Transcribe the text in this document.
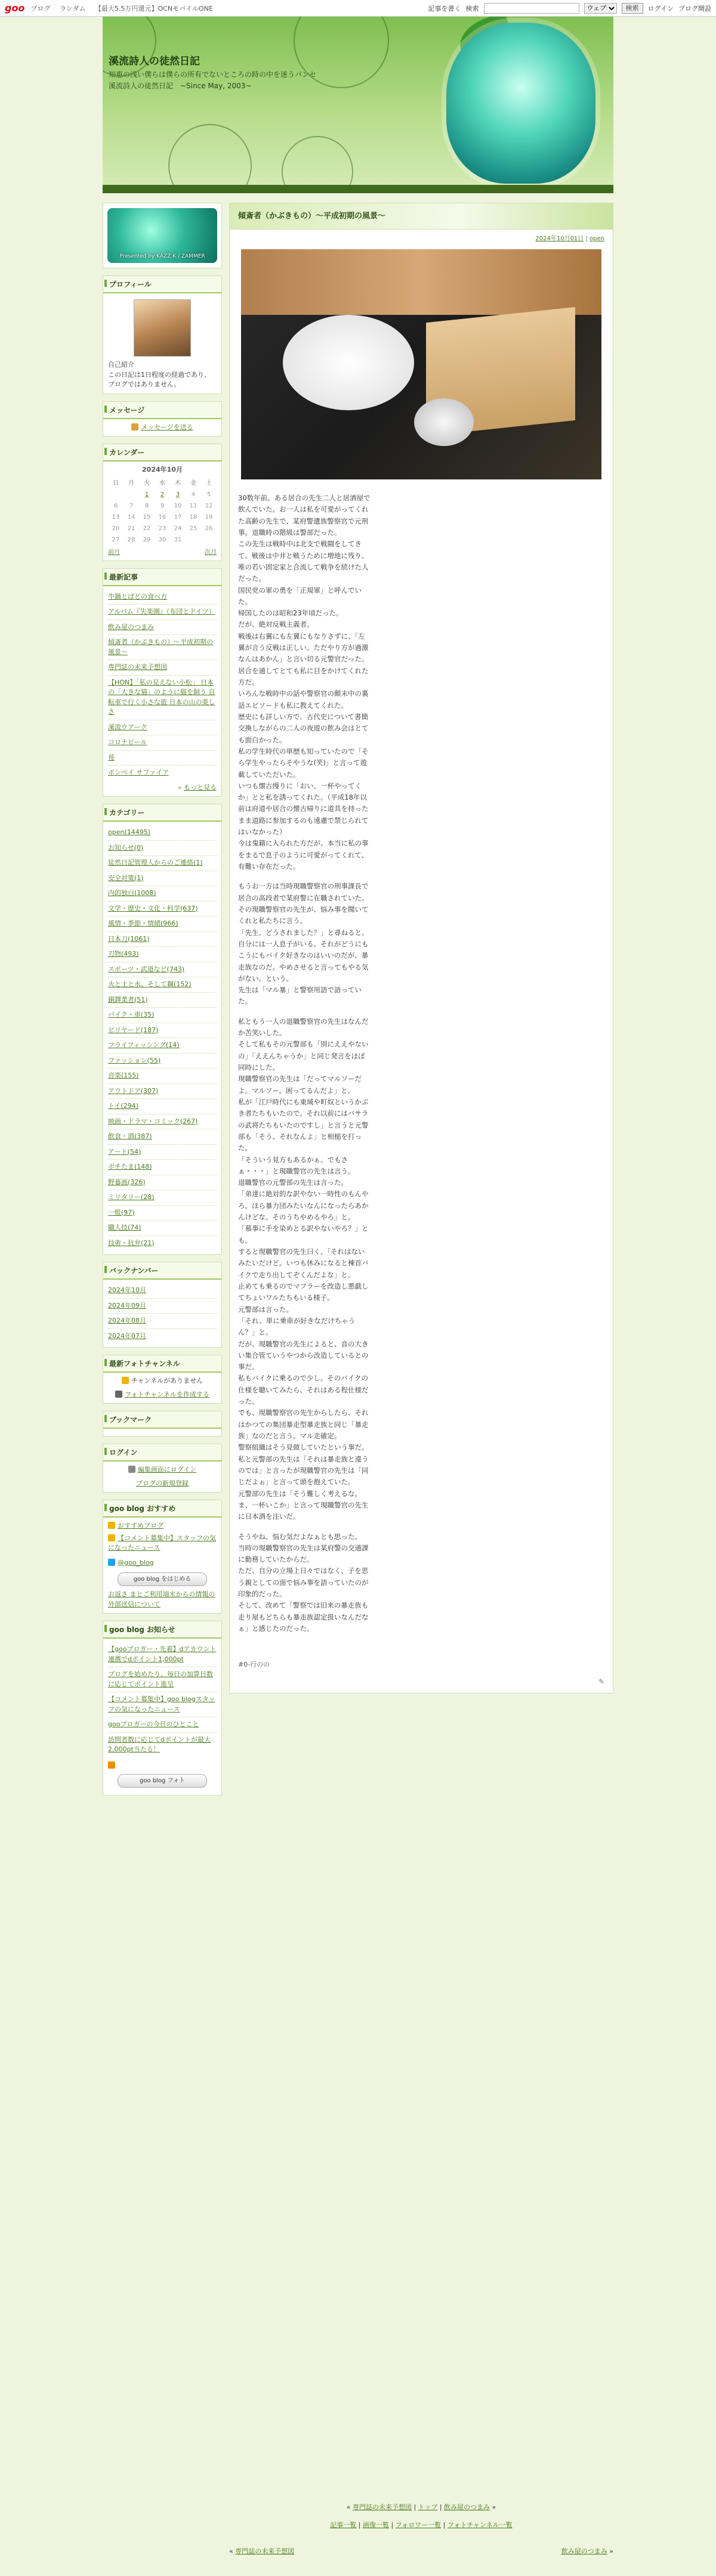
goo ブログ ランダム 【最大5.5万円還元】OCNモバイルONE	記事を書く 検索
ウェブ	検索	ログイン ブログ開設
溪流詩人の徒然日記
知恵の浅い僕らは僕らの所有でないところの時の中を迷うパンセ　溪流詩人の徒然日記　~Since May, 2003~
Presented by KAZZ.K / ZAMMER
プロフィール
自己紹介
この日記は1日程度の経過であり、ブログではありません。
メッセージ
メッセージを送る
カレンダー
2024年10月
日	月	火	水	木	金	土
		1	2	3	4	5
6	7	8	9	10	11	12
13	14	15	16	17	18	19
20	21	22	23	24	25	26
27	28	29	30	31		
前月	次月
最新記事
牛鍋とぱどの食べ方
アルバム『失楽園』（布団とドイツ）
飲み屋のつまみ
傾斎者（かぶきもの）〜平成初期の風景〜
専門誌の未来予想図
【HON】「私の見えない小松」 日本の「大きな猫」のように猫を飼う 自転車で行く小さな旅 日本の山の楽しさ
溪流ウアーク
コロナビール
苺
ボンベイ サファイア
» もっと見る
カテゴリー
open(14495)
お知らせ(0)
徒然日記管理人からのご連絡(1)
安全対策(1)
内的独白(1008)
文学・歴史・文化・科学(637)
風情・季節・情緒(966)
日本刀(1061)
刃物(493)
スポーツ・武道など(743)
火と土と水、そして鋼(152)
銅鐸業者(51)
バイク・車(35)
ビリヤード(187)
フライフィッシング(14)
ファッション(55)
音楽(155)
アウトドア(307)
トイ(294)
映画・ドラマ・コミック(267)
飲食・酒(387)
アート(54)
ボチたま(148)
野暮画(326)
ミリタリー(28)
一般(97)
職人技(74)
技術・抗弁(21)
バックナンバー
2024年10月
2024年09月
2024年08月
2024年07月
最新フォトチャンネル
チャンネルがありません
フォトチャンネルを作成する
ブックマーク
ログイン
編集画面にログイン
ブログの新規登録
goo blog おすすめ
おすすめブログ
【コメント募集中】スタッフの気になったニュース
@goo_blog
goo blog をはじめる
お返さ まとご利用端末からの情報の外部送信について
goo blog お知らせ
【gooブロガー・先着】dアカウント連携でdポイント1,000pt
ブログを始めたり、毎日の加算日数に応じてポイント進呈
【コメント募集中】goo blogスタッフの気になったニュース
gooブロガーの今日のひとこと
訪問者数に応じてdポイントが最大2,000pt当たる！
goo blog フォト
傾斎者（かぶきもの）〜平成初期の風景〜
2024年10月01日 | open

30数年前。ある居合の先生二人と居酒屋で飲んでいた。お一人は私を可愛がってくれた高齢の先生で、某府警遺族警察官で元刑事。退職時の階級は警部だった。
この先生は戦時中は北支で戦闘をしてきて、戦後は中井と戦うために増地に残り、唯の若い固定家と合流して戦争を続けた人だった。
国民党の軍の勇を「正規軍」と呼んでいた。
帰国したのは昭和23年頃だった。
だが、絶対反戦主義者。
戦後は右翼にも左翼にもなりさずに、「左翼が言う反戦は正しい。ただやり方が過激なんはあかん」と言い切る元警官だった。
居合を通してとても私に目をかけてくれた方だ。
いろんな戦時中の話や警察官の顛末中の裏話エピソードも私に教えてくれた。
歴史にも詳しい方で、古代史について書簡交換しながらの二人の夜遊の飲み会はとても面白かった。
私の学生時代の単歴も知っていたので「そら学生やったらそやうな(笑)」と言って遊載していただいた。
いつも懐古慢りに「おい、一杯やってくか」とと私を誘ってくれた。（平成18年以前は府道や居合の懐古帰りに道具を持ったまま道路に参加するのも遠慮で禁じられてはいなかった）
今は鬼籍に入られた方だが、本当に私の事をまるで息子のように可愛がってくれて、有難い存在だった。

もうお一方は当時現職警察官の刑事課長で居合の高段者で某府警に在職されていた。
その現職警察官の先生が、悩み事を聞いてくれと私たちに言う。
「先生、どうされました？」と尋ねると、自分には一人息子がいる。それがどうにもこうにもバイク好きなのはいいのだが、暴走族なのだ。やめさせると言ってもやる気がない。という。
先生は「マル暴」と警察用語で語っていた。

私ともう一人の退職警察官の先生はなんだか苦笑いした。
そして私もその元警部も「別にええやないの」「ええんちゃうか」と同じ発言をほぼ同時にした。
現職警察官の先生は「だってマルソーだよ。マルソー。困ってるんだよ」と。
私が「江戸時代にも東域や町奴というかぶき者たちもいたので。それ以前にはバサラの武将たちもいたのですし」と言うと元警部も「そう、それなんよ」と相槌を打った。
「そういう見方もあるかぁ。でもさぁ・・・」と現職警官の先生は言う。
退職警官の元警部の先生は言った。
「弟達に絶対的な訳やない一時性のもんやろ。ほら暴力団みたいなんになったらあかんけどな。そのうちやめるやろ」と。
「慕事に手を染めとる訳やないやろ？」とも。
すると現職警官の先生曰く、「それはないみたいだけど。いつも休みになると棟首バイクで走り出してぞくんだよな」と。
止めても乗るのでマフラーを改造し悪戯してちょいワルたちもいる様子。
元警部は言った。
「それ、単に乗車が好きなだけちゃうん？」と。
だが、現職警官の先生によると、音の大きい集合管ていうやつから改造しているとの事だ。
私もバイクに乗るので少し。そのバイクの仕様を聴いてみたら、それはある程仕様だった。
でも、現職警察官の先生からしたら、それはかつての集団暴走型暴走族と同じ「暴走族」なのだと言う。マル走確定。
警察組織はそう見做していたという事だ。
私と元警部の先生は「それは暴走族と違うのでは」と言ったが現職警官の先生は「同じだよぉ」と言って頭を抱えていた。
元警部の先生は「そう難しく考えるな。ま、一杯いこか」と言って現職警官の先生に日本酒を注いだ。

そうやね、悩む気だよなぁとも思った。
当時の現職警察官の先生は某府警の交通課に勤務していたからだ。
ただ、自分の立場上日々ではなく、子を思う親としての面で悩み事を語っていたのが印象的だった。
そして、改めて「警察では旧来の暴走族も走り屋もどちらも暴走族認定扱いなんだなぁ」と感じたのだった。

#0-行のの
✎
« 専門誌の未来予想図 | トップ | 飲み屋のつまみ »
記事一覧 | 画像一覧 | フォロワー一覧 | フォトチャンネル一覧
« 専門誌の未来予想図	飲み屋のつまみ »
